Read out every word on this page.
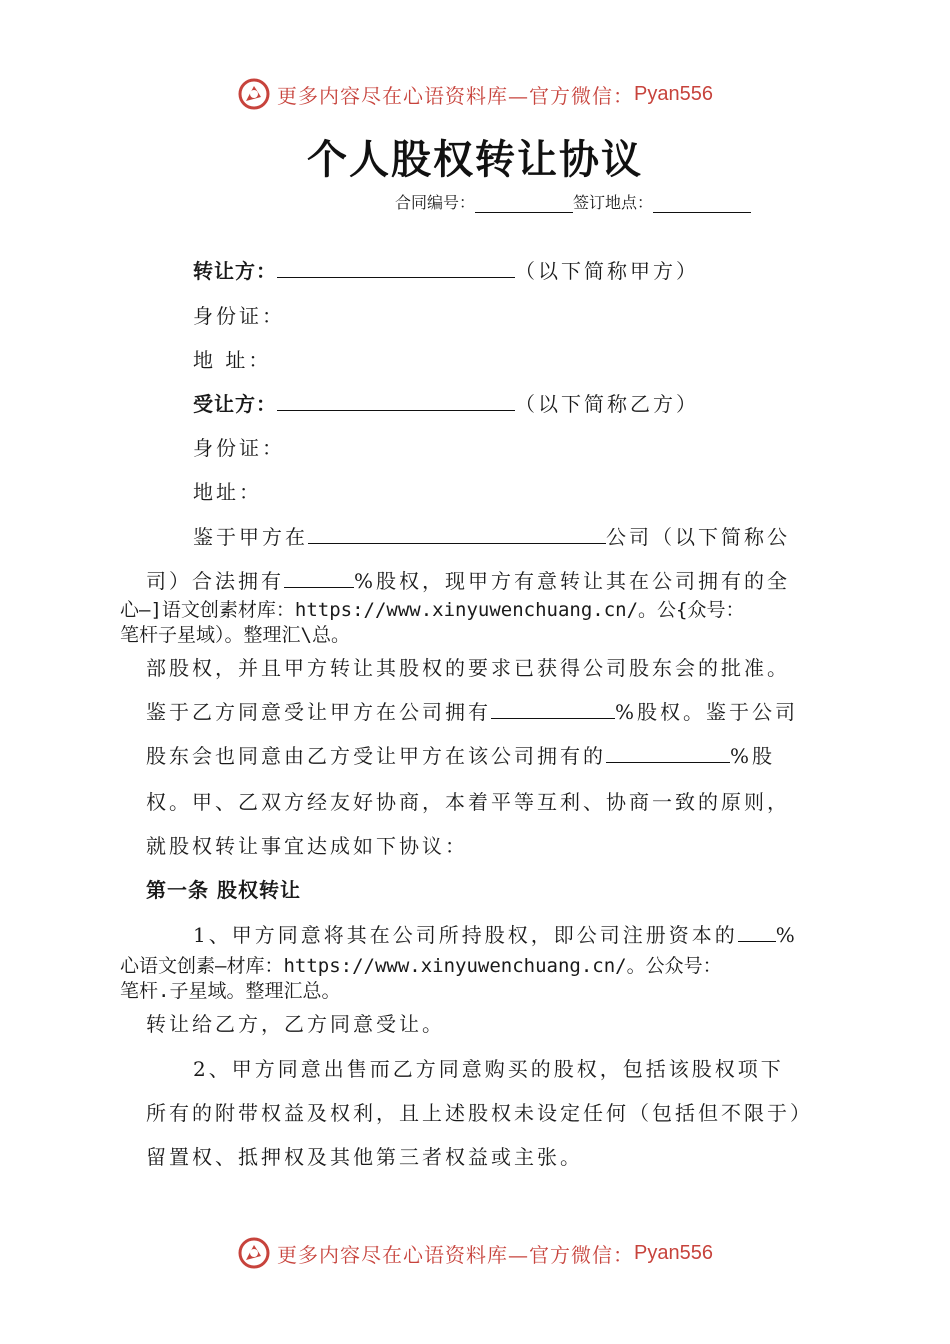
更多内容尽在心语资料库—官方微信： Pyan556
个人股权转让协议
合同编号：	签订地点：
转让方：	（以下简称甲方）
身份证：
地 址：
受让方：	（以下简称乙方）
身份证：
地址：
鉴于甲方在	公司（以下简称公
司）合法拥有	%股权，现甲方有意转让其在公司拥有的全
心—]语文创素材库：https://www.xinyuwenchuang.cn/。公{众号：
笔杆子星域）。整理汇\总。
部股权，并且甲方转让其股权的要求已获得公司股东会的批准。
鉴于乙方同意受让甲方在公司拥有	%股权。鉴于公司
股东会也同意由乙方受让甲方在该公司拥有的	%股
权。甲、乙双方经友好协商，本着平等互利、协商一致的原则，
就股权转让事宜达成如下协议：
第一条 股权转让
1、甲方同意将其在公司所持股权，即公司注册资本的 %
心语文创素—材库：https://www.xinyuwenchuang.cn/。公众号：
笔杆.子星域。整理汇总。
转让给乙方，乙方同意受让。
2、甲方同意出售而乙方同意购买的股权，包括该股权项下
所有的附带权益及权利，且上述股权未设定任何（包括但不限于）
留置权、抵押权及其他第三者权益或主张。
更多内容尽在心语资料库—官方微信： Pyan556
